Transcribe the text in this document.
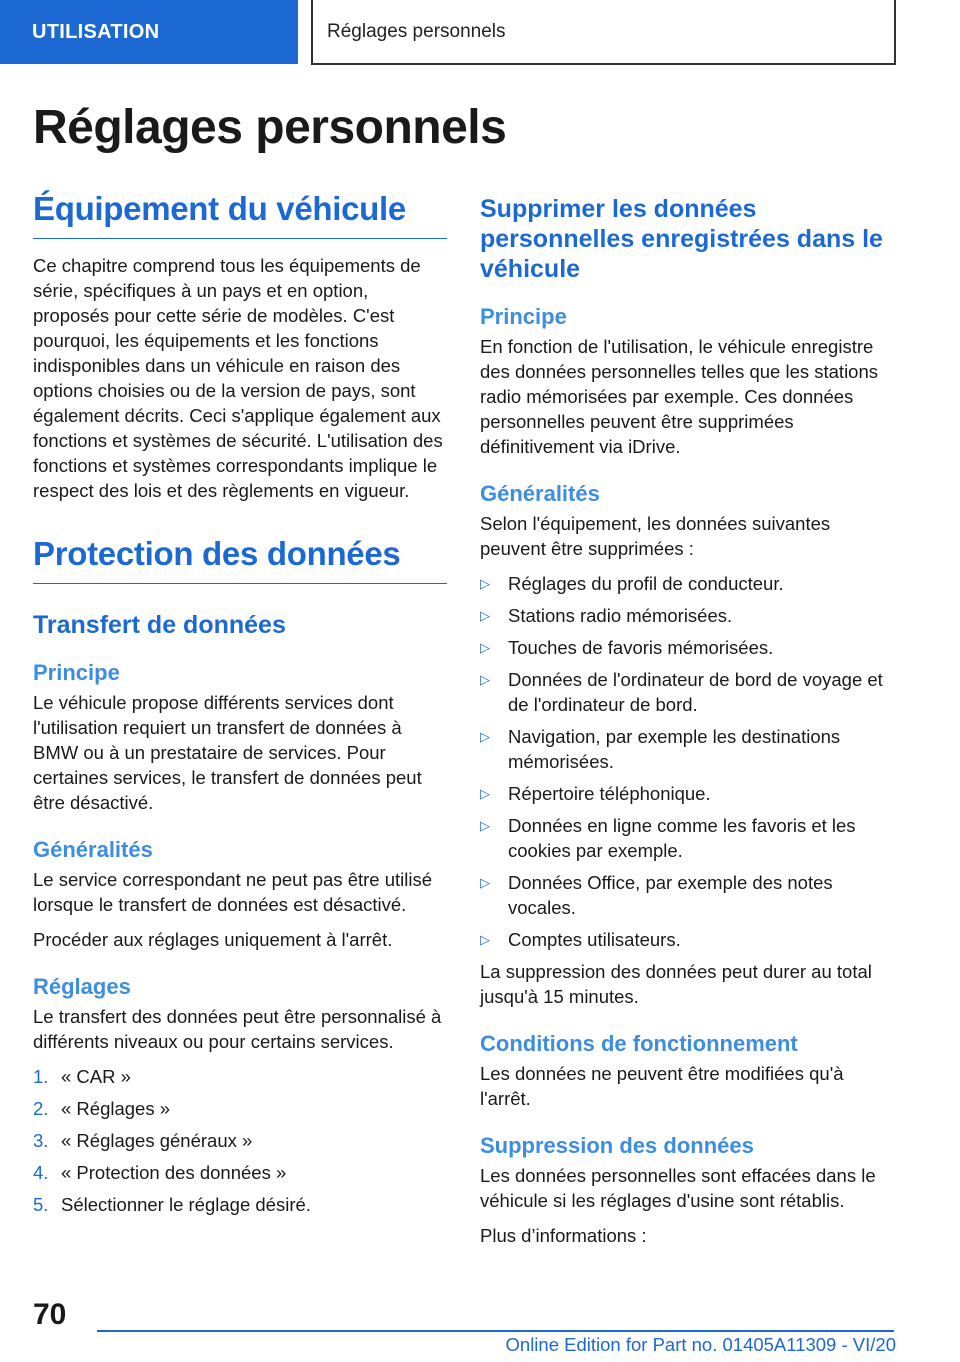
UTILISATION	Réglages personnels
Réglages personnels
Équipement du véhicule

Ce chapitre comprend tous les équipements de série, spécifiques à un pays et en option, proposés pour cette série de modèles. C'est pourquoi, les équipements et les fonctions indisponibles dans un véhicule en raison des options choisies ou de la version de pays, sont également décrits. Ceci s'applique également aux fonctions et systèmes de sécurité. L'utilisation des fonctions et systèmes correspondants implique le respect des lois et des règlements en vigueur.

Protection des données
Transfert de données
Principe

Le véhicule propose différents services dont l'utilisation requiert un transfert de données à BMW ou à un prestataire de services. Pour certaines services, le transfert de données peut être désactivé.

Généralités

Le service correspondant ne peut pas être utilisé lorsque le transfert de données est désactivé.

Procéder aux réglages uniquement à l'arrêt.

Réglages

Le transfert des données peut être personnalisé à différents niveaux ou pour certains services.

1. « CAR »
2. « Réglages »
3. « Réglages généraux »
4. « Protection des données »
5. Sélectionner le réglage désiré.
Supprimer les données personnelles enregistrées dans le véhicule
Principe

En fonction de l'utilisation, le véhicule enregistre des données personnelles telles que les stations radio mémorisées par exemple. Ces données personnelles peuvent être supprimées définitivement via iDrive.

Généralités

Selon l'équipement, les données suivantes peuvent être supprimées :

▷ Réglages du profil de conducteur.
▷ Stations radio mémorisées.
▷ Touches de favoris mémorisées.
▷ Données de l'ordinateur de bord de voyage et de l'ordinateur de bord.
▷ Navigation, par exemple les destinations mémorisées.
▷ Répertoire téléphonique.
▷ Données en ligne comme les favoris et les cookies par exemple.
▷ Données Office, par exemple des notes vocales.
▷ Comptes utilisateurs.

La suppression des données peut durer au total jusqu'à 15 minutes.

Conditions de fonctionnement

Les données ne peuvent être modifiées qu'à l'arrêt.

Suppression des données

Les données personnelles sont effacées dans le véhicule si les réglages d'usine sont rétablis.

Plus d’informations :

70
Online Edition for Part no. 01405A11309 - VI/20
